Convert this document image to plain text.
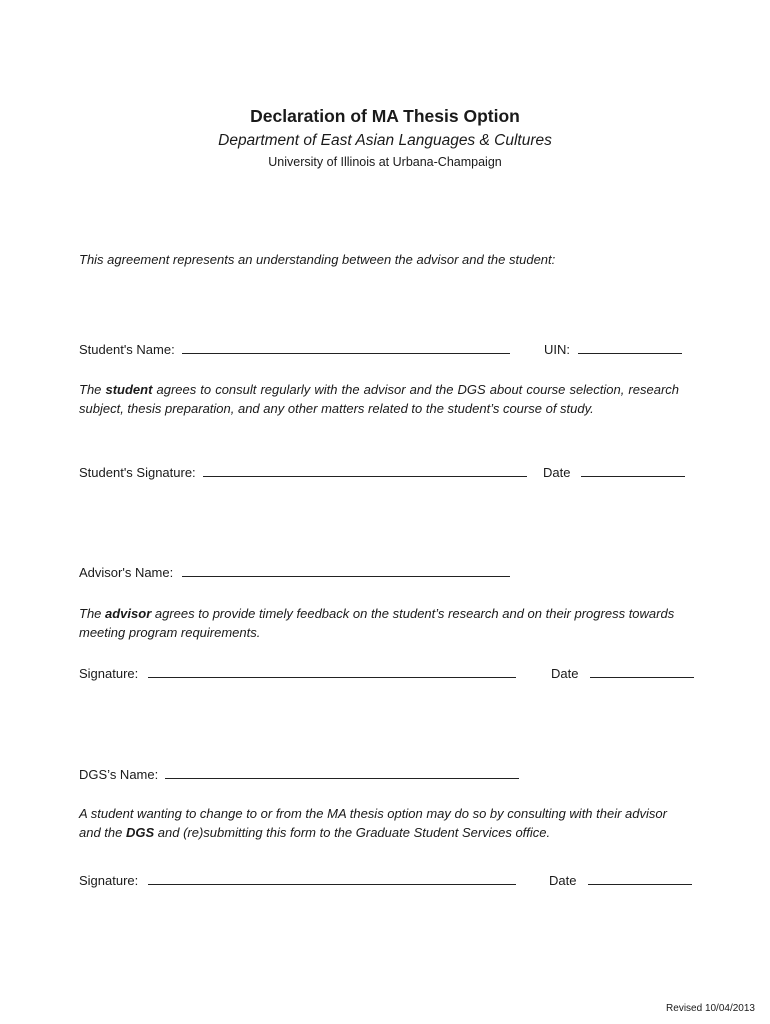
Declaration of MA Thesis Option
Department of East Asian Languages & Cultures
University of Illinois at Urbana-Champaign
This agreement represents an understanding between the advisor and the student:
Student's Name:	UIN:
The student agrees to consult regularly with the advisor and the DGS about course selection, research subject, thesis preparation, and any other matters related to the student’s course of study.
Student's Signature:	Date
Advisor's Name:
The advisor agrees to provide timely feedback on the student’s research and on their progress towards meeting program requirements.
Signature:	Date
DGS’s Name:
A student wanting to change to or from the MA thesis option may do so by consulting with their advisor and the DGS and (re)submitting this form to the Graduate Student Services office.
Signature:	Date
Revised 10/04/2013
